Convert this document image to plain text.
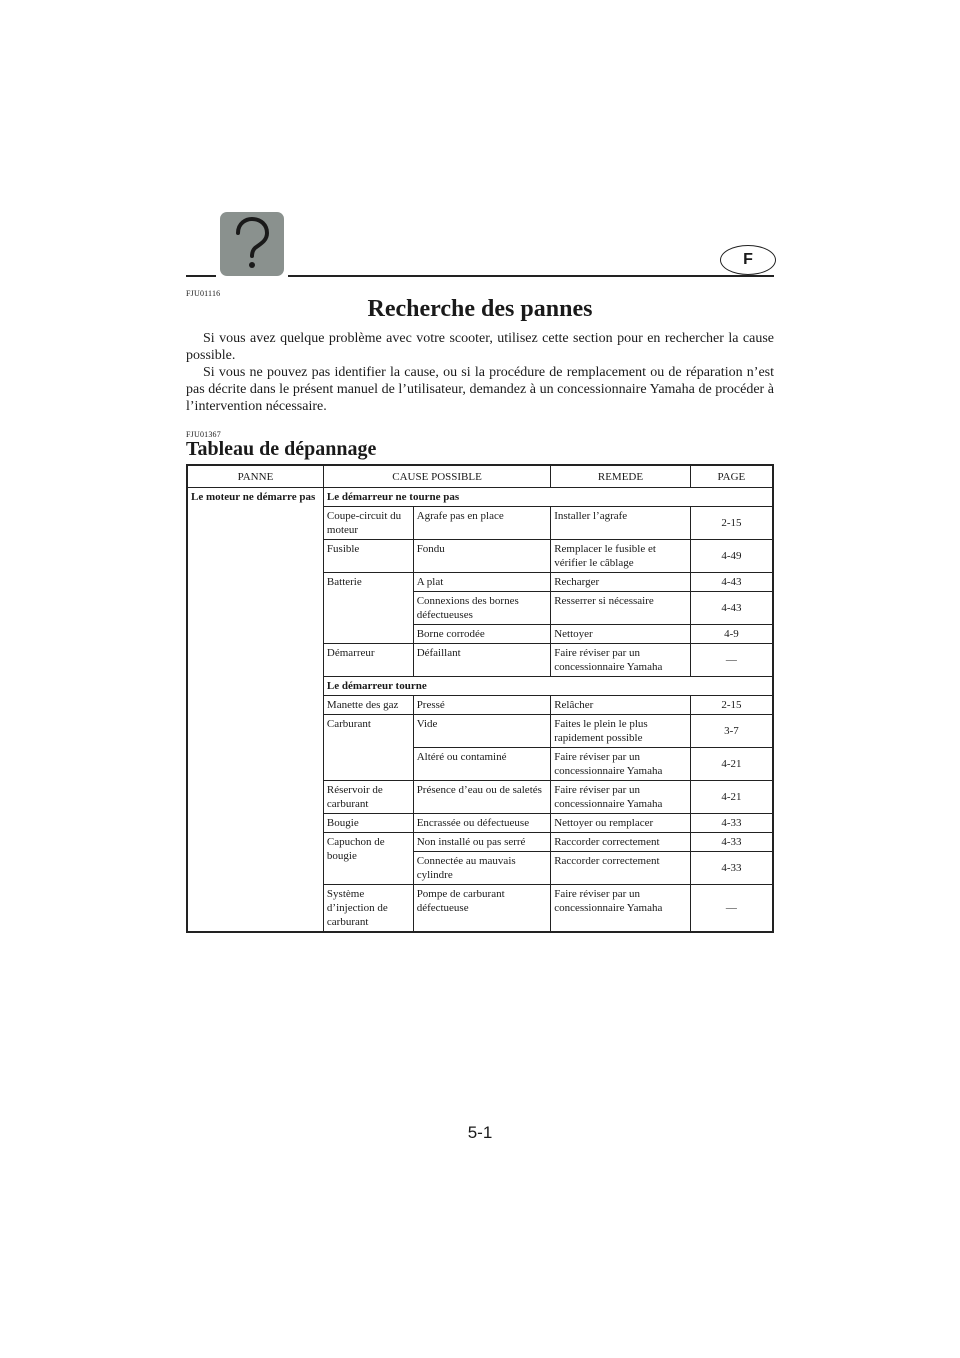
F
FJU01116
Recherche des pannes
Si vous avez quelque problème avec votre scooter, utilisez cette section pour en rechercher la cause possible.
Si vous ne pouvez pas identifier la cause, ou si la procédure de remplacement ou de réparation n’est pas décrite dans le présent manuel de l’utilisateur, demandez à un concessionnaire Yamaha de procéder à l’intervention nécessaire.
FJU01367
Tableau de dépannage
PANNE	CAUSE POSSIBLE		REMEDE	PAGE
Le moteur ne démarre pas	Le démarreur ne tourne pas			
	Coupe-circuit du moteur	Agrafe pas en place	Installer l’agrafe	2-15
	Fusible	Fondu	Remplacer le fusible et vérifier le câblage	4-49
	Batterie	A plat	Recharger	4-43
		Connexions des bornes défectueuses	Resserrer si nécessaire	4-43
		Borne corrodée	Nettoyer	4-9
	Démarreur	Défaillant	Faire réviser par un concessionnaire Yamaha	—
	Le démarreur tourne			
	Manette des gaz	Pressé	Relâcher	2-15
	Carburant	Vide	Faites le plein le plus rapidement possible	3-7
		Altéré ou contaminé	Faire réviser par un concessionnaire Yamaha	4-21
	Réservoir de carburant	Présence d’eau ou de saletés	Faire réviser par un concessionnaire Yamaha	4-21
	Bougie	Encrassée ou défectueuse	Nettoyer ou remplacer	4-33
	Capuchon de bougie	Non installé ou pas serré	Raccorder correctement	4-33
		Connectée au mauvais cylindre	Raccorder correctement	4-33
	Système d’injection de carburant	Pompe de carburant défectueuse	Faire réviser par un concessionnaire Yamaha	—
5-1
